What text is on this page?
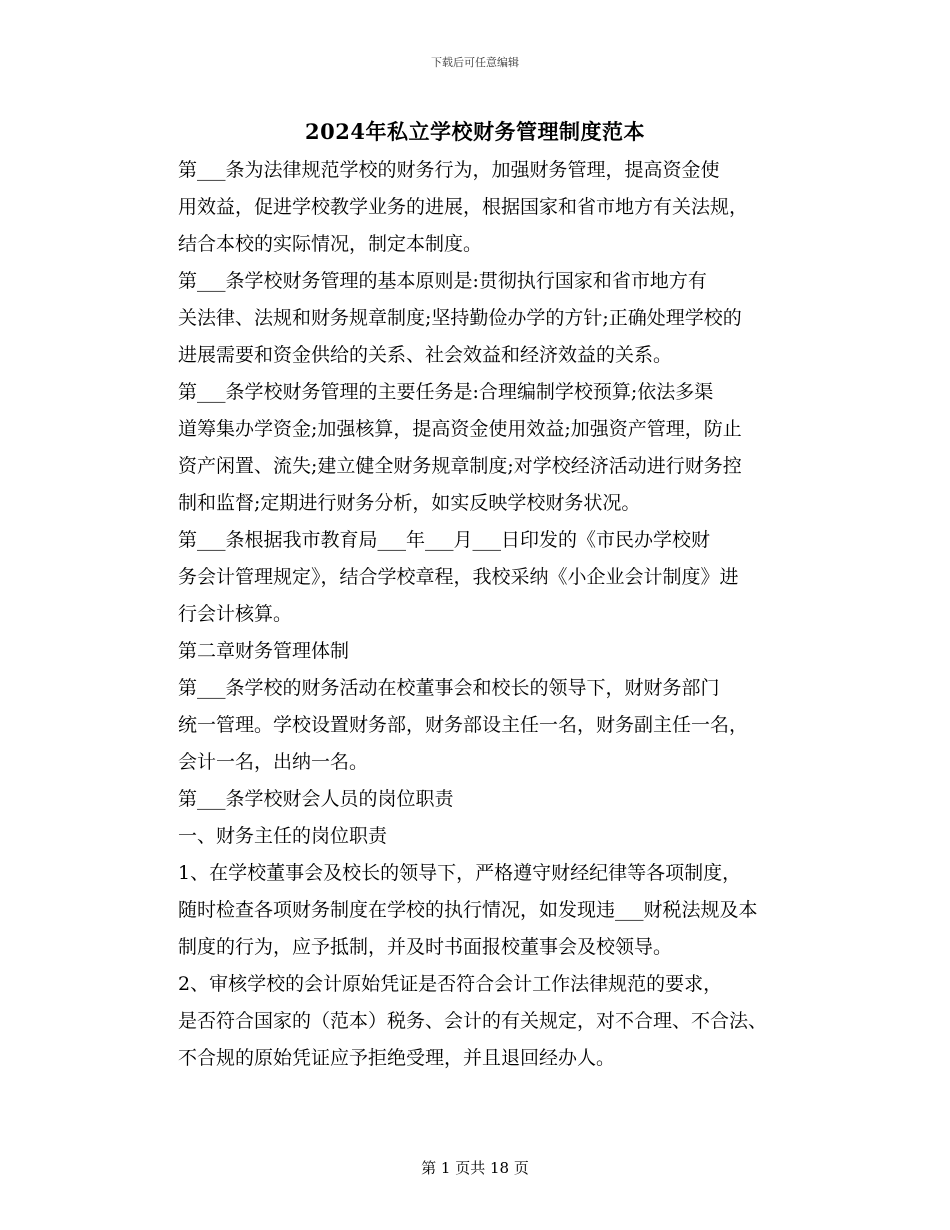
下载后可任意编辑
2024年私立学校财务管理制度范本

第___条为法律规范学校的财务行为，加强财务管理，提高资金使
用效益，促进学校教学业务的进展，根据国家和省市地方有关法规，
结合本校的实际情况，制定本制度。

第___条学校财务管理的基本原则是:贯彻执行国家和省市地方有
关法律、法规和财务规章制度;坚持勤俭办学的方针;正确处理学校的
进展需要和资金供给的关系、社会效益和经济效益的关系。

第___条学校财务管理的主要任务是:合理编制学校预算;依法多渠
道筹集办学资金;加强核算，提高资金使用效益;加强资产管理，防止
资产闲置、流失;建立健全财务规章制度;对学校经济活动进行财务控
制和监督;定期进行财务分析，如实反映学校财务状况。

第___条根据我市教育局___年___月___日印发的《市民办学校财
务会计管理规定》，结合学校章程，我校采纳《小企业会计制度》进
行会计核算。

第二章财务管理体制

第___条学校的财务活动在校董事会和校长的领导下，财财务部门
统一管理。学校设置财务部，财务部设主任一名，财务副主任一名，
会计一名，出纳一名。

第___条学校财会人员的岗位职责

一、财务主任的岗位职责

1、在学校董事会及校长的领导下，严格遵守财经纪律等各项制度，
随时检查各项财务制度在学校的执行情况，如发现违___财税法规及本
制度的行为，应予抵制，并及时书面报校董事会及校领导。

2、审核学校的会计原始凭证是否符合会计工作法律规范的要求，
是否符合国家的（范本）税务、会计的有关规定，对不合理、不合法、
不合规的原始凭证应予拒绝受理，并且退回经办人。

第 1 页共 18 页
